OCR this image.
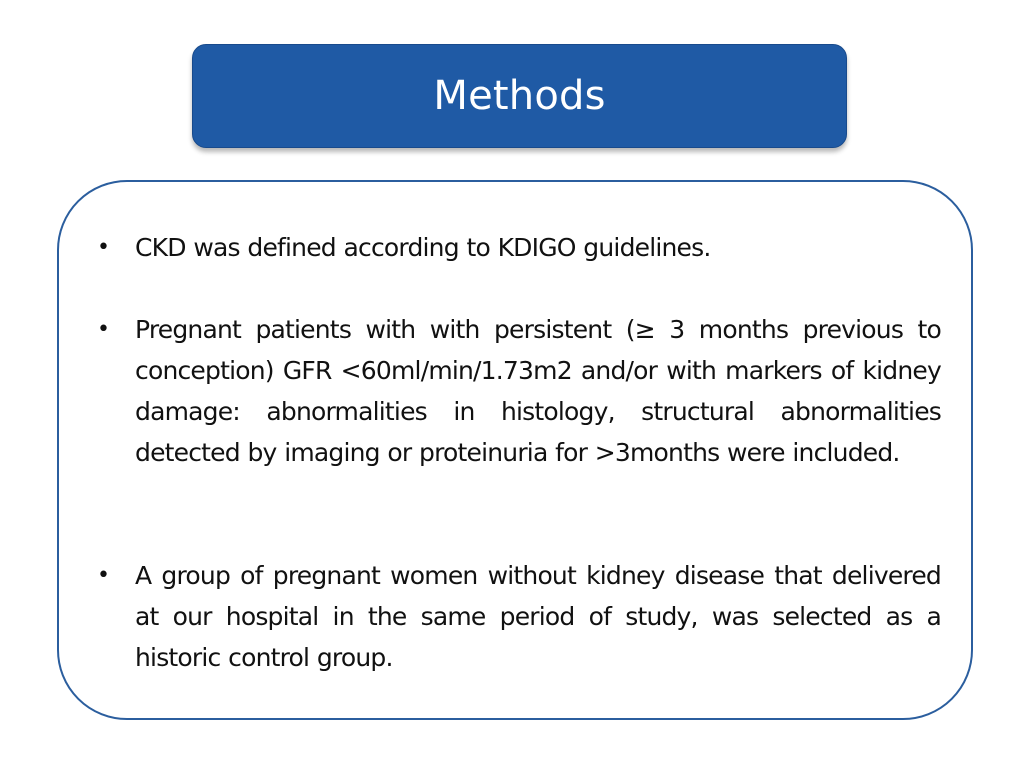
Methods
•	CKD was defined according to KDIGO guidelines.
•	Pregnant patients with with persistent (≥ 3 months previous to conception) GFR <60ml/min/1.73m2 and/or with markers of kidney damage: abnormalities in histology, structural abnormalities detected by imaging or proteinuria for >3months were included.
•	A group of pregnant women without kidney disease that delivered at our hospital in the same period of study, was selected as a historic control group.
